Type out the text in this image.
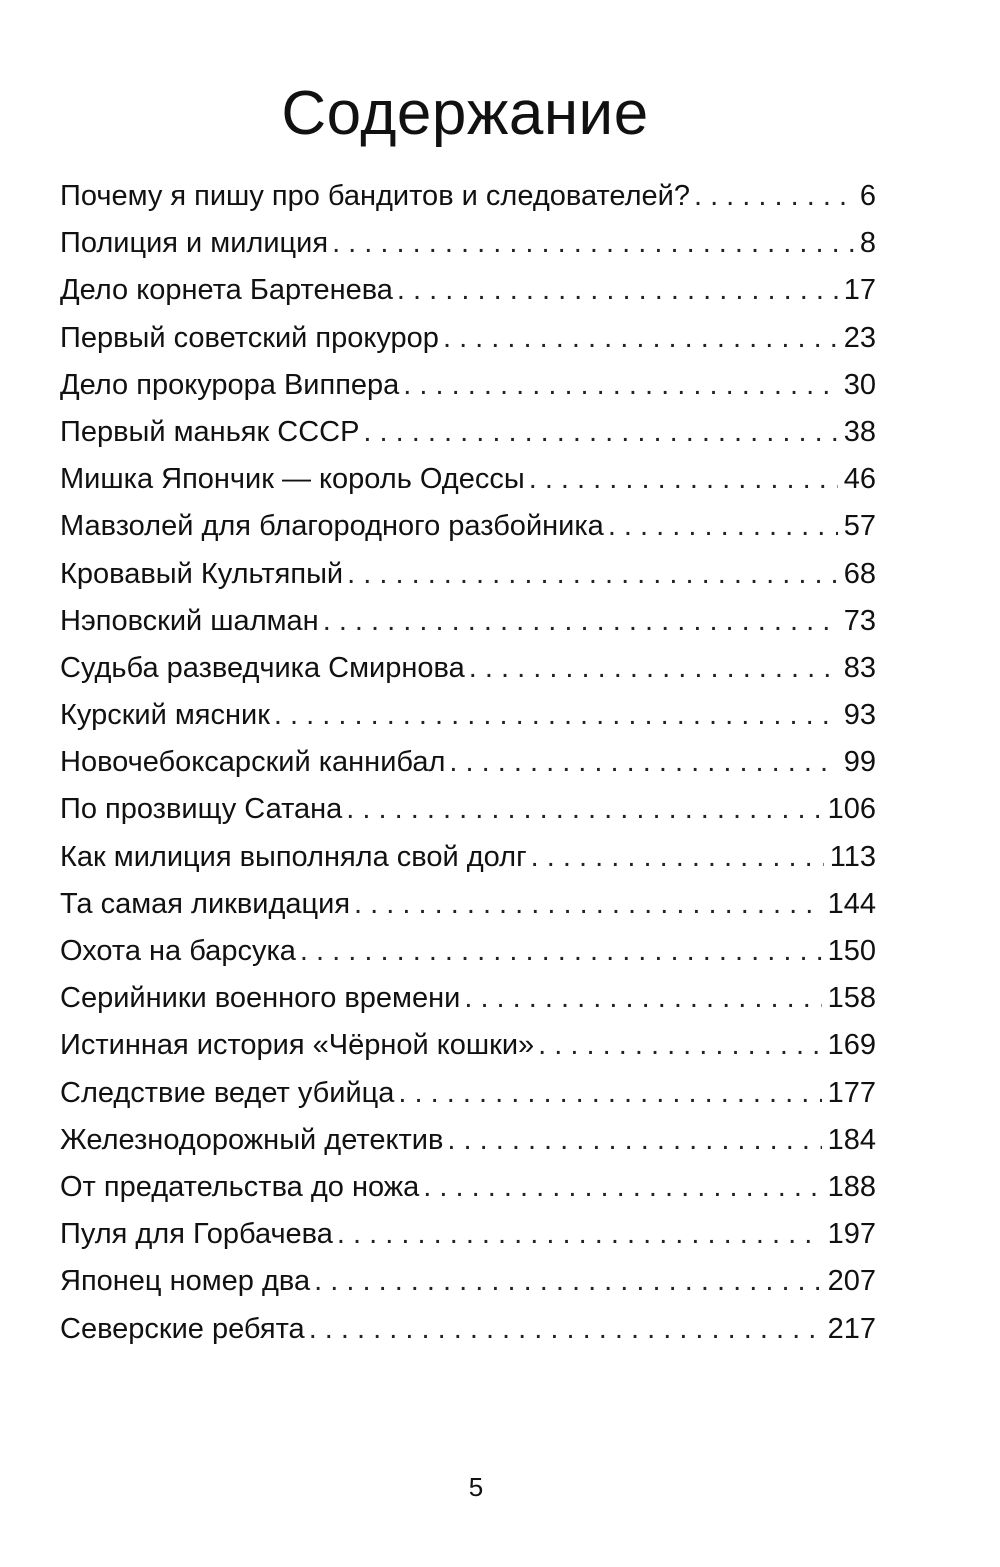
Содержание
Почему я пишу про бандитов и следователей? . . .	6
Полиция и милиция . . .	8
Дело корнета Бартенева . . .	17
Первый советский прокурор . . .	23
Дело прокурора Виппера . . .	30
Первый маньяк СССР . . .	38
Мишка Япончик — король Одессы . . .	46
Мавзолей для благородного разбойника . . .	57
Кровавый Культяпый . . .	68
Нэповский шалман . . .	73
Судьба разведчика Смирнова . . .	83
Курский мясник . . .	93
Новочебоксарский каннибал . . .	99
По прозвищу Сатана . . .	106
Как милиция выполняла свой долг . . .	113
Та самая ликвидация . . .	144
Охота на барсука . . .	150
Серийники военного времени . . .	158
Истинная история «Чёрной кошки» . . .	169
Следствие ведет убийца . . .	177
Железнодорожный детектив . . .	184
От предательства до ножа . . .	188
Пуля для Горбачева . . .	197
Японец номер два . . .	207
Северские ребята . . .	217
5
